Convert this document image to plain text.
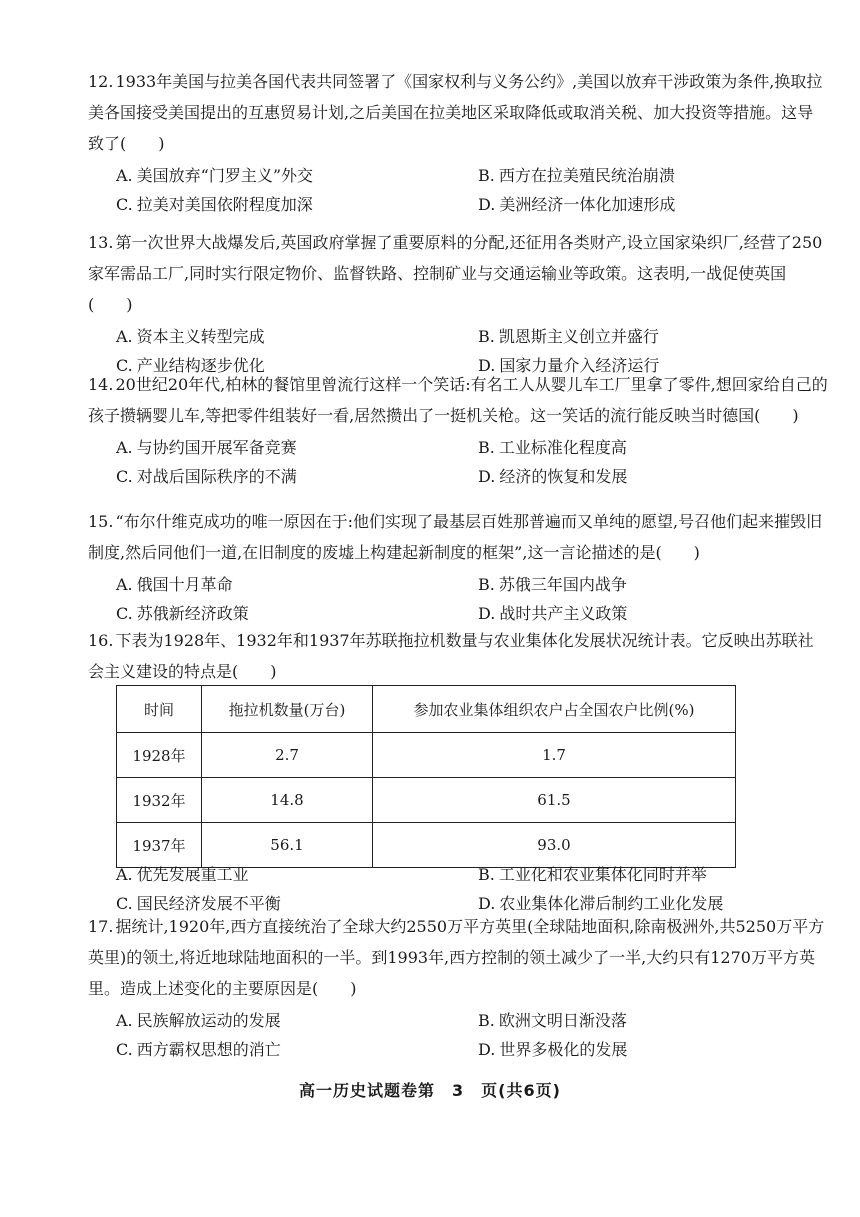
12. 1933年美国与拉美各国代表共同签署了《国家权利与义务公约》,美国以放弃干涉政策为条件,换取拉美各国接受美国提出的互惠贸易计划,之后美国在拉美地区采取降低或取消关税、加大投资等措施。这导致了(　　)

A. 美国放弃“门罗主义”外交	B. 西方在拉美殖民统治崩溃
C. 拉美对美国依附程度加深	D. 美洲经济一体化加速形成

13. 第一次世界大战爆发后,英国政府掌握了重要原料的分配,还征用各类财产,设立国家染织厂,经营了250家军需品工厂,同时实行限定物价、监督铁路、控制矿业与交通运输业等政策。这表明,一战促使英国(　　)

A. 资本主义转型完成	B. 凯恩斯主义创立并盛行
C. 产业结构逐步优化	D. 国家力量介入经济运行

14. 20世纪20年代,柏林的餐馆里曾流行这样一个笑话:有名工人从婴儿车工厂里拿了零件,想回家给自己的孩子攒辆婴儿车,等把零件组装好一看,居然攒出了一挺机关枪。这一笑话的流行能反映当时德国(　　)

A. 与协约国开展军备竞赛	B. 工业标准化程度高
C. 对战后国际秩序的不满	D. 经济的恢复和发展

15. “布尔什维克成功的唯一原因在于:他们实现了最基层百姓那普遍而又单纯的愿望,号召他们起来摧毁旧制度,然后同他们一道,在旧制度的废墟上构建起新制度的框架”,这一言论描述的是(　　)

A. 俄国十月革命	B. 苏俄三年国内战争
C. 苏俄新经济政策	D. 战时共产主义政策

16. 下表为1928年、1932年和1937年苏联拖拉机数量与农业集体化发展状况统计表。它反映出苏联社会主义建设的特点是(　　)

时间	拖拉机数量(万台)	参加农业集体组织农户占全国农户比例(%)
1928年	2.7	1.7
1932年	14.8	61.5
1937年	56.1	93.0
A. 优先发展重工业	B. 工业化和农业集体化同时并举
C. 国民经济发展不平衡	D. 农业集体化滞后制约工业化发展

17. 据统计,1920年,西方直接统治了全球大约2550万平方英里(全球陆地面积,除南极洲外,共5250万平方英里)的领土,将近地球陆地面积的一半。到1993年,西方控制的领土减少了一半,大约只有1270万平方英里。造成上述变化的主要原因是(　　)

A. 民族解放运动的发展	B. 欧洲文明日渐没落
C. 西方霸权思想的消亡	D. 世界多极化的发展
高一历史试题卷第　3　页(共6页)
